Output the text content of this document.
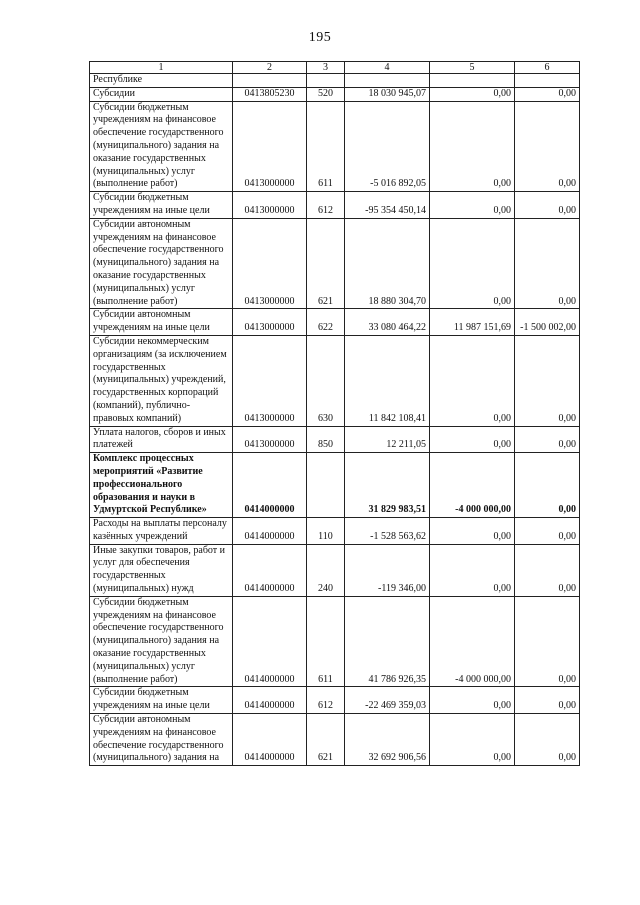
195
1	2	3	4	5	6
Республике					
Субсидии	0413805230	520	18 030 945,07	0,00	0,00
Субсидии бюджетным учреждениям на финансовое обеспечение государственного (муниципального) задания на оказание государственных (муниципальных) услуг (выполнение работ)	0413000000	611	-5 016 892,05	0,00	0,00
Субсидии бюджетным учреждениям на иные цели	0413000000	612	-95 354 450,14	0,00	0,00
Субсидии автономным учреждениям на финансовое обеспечение государственного (муниципального) задания на оказание государственных (муниципальных) услуг (выполнение работ)	0413000000	621	18 880 304,70	0,00	0,00
Субсидии автономным учреждениям на иные цели	0413000000	622	33 080 464,22	11 987 151,69	-1 500 002,00
Субсидии некоммерческим организациям (за исключением государственных (муниципальных) учреждений, государственных корпораций (компаний), публично-правовых компаний)	0413000000	630	11 842 108,41	0,00	0,00
Уплата налогов, сборов и иных платежей	0413000000	850	12 211,05	0,00	0,00
Комплекс процессных мероприятий «Развитие профессионального образования и науки в Удмуртской Республике»	0414000000		31 829 983,51	-4 000 000,00	0,00
Расходы на выплаты персоналу казённых учреждений	0414000000	110	-1 528 563,62	0,00	0,00
Иные закупки товаров, работ и услуг для обеспечения государственных (муниципальных) нужд	0414000000	240	-119 346,00	0,00	0,00
Субсидии бюджетным учреждениям на финансовое обеспечение государственного (муниципального) задания на оказание государственных (муниципальных) услуг (выполнение работ)	0414000000	611	41 786 926,35	-4 000 000,00	0,00
Субсидии бюджетным учреждениям на иные цели	0414000000	612	-22 469 359,03	0,00	0,00
Субсидии автономным учреждениям на финансовое обеспечение государственного (муниципального) задания на	0414000000	621	32 692 906,56	0,00	0,00
